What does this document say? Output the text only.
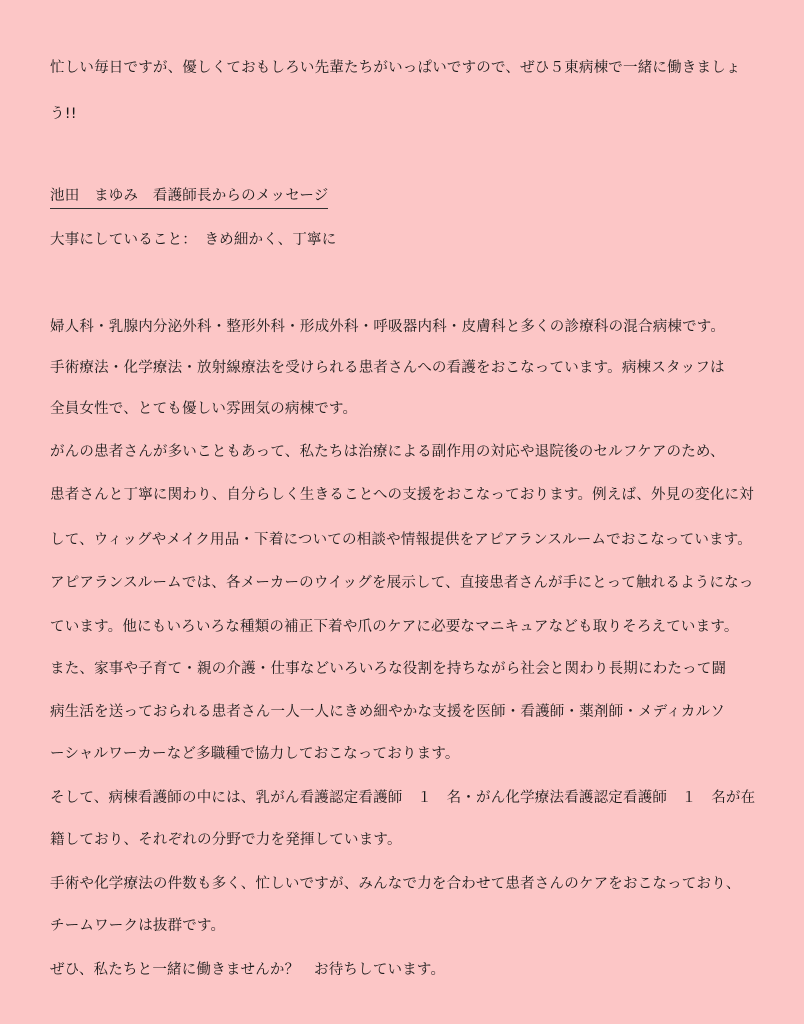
忙しい毎日ですが、優しくておもしろい先輩たちがいっぱいですので、ぜひ５東病棟で一緒に働きましょ
う!!
池田　まゆみ　看護師長からのメッセージ
大事にしていること：　きめ細かく、丁寧に
婦人科・乳腺内分泌外科・整形外科・形成外科・呼吸器内科・皮膚科と多くの診療科の混合病棟です。
手術療法・化学療法・放射線療法を受けられる患者さんへの看護をおこなっています。病棟スタッフは
全員女性で、とても優しい雰囲気の病棟です。
がんの患者さんが多いこともあって、私たちは治療による副作用の対応や退院後のセルフケアのため、
患者さんと丁寧に関わり、自分らしく生きることへの支援をおこなっております。例えば、外見の変化に対
して、ウィッグやメイク用品・下着についての相談や情報提供をアピアランスルームでおこなっています。
アピアランスルームでは、各メーカーのウイッグを展示して、直接患者さんが手にとって触れるようになっ
ています。他にもいろいろな種類の補正下着や爪のケアに必要なマニキュアなども取りそろえています。
また、家事や子育て・親の介護・仕事などいろいろな役割を持ちながら社会と関わり長期にわたって闘
病生活を送っておられる患者さん一人一人にきめ細やかな支援を医師・看護師・薬剤師・メディカルソ
ーシャルワーカーなど多職種で協力しておこなっております。
そして、病棟看護師の中には、乳がん看護認定看護師　１　名・がん化学療法看護認定看護師　１　名が在
籍しており、それぞれの分野で力を発揮しています。
手術や化学療法の件数も多く、忙しいですが、みんなで力を合わせて患者さんのケアをおこなっており、
チームワークは抜群です。
ぜひ、私たちと一緒に働きませんか？　お待ちしています。
